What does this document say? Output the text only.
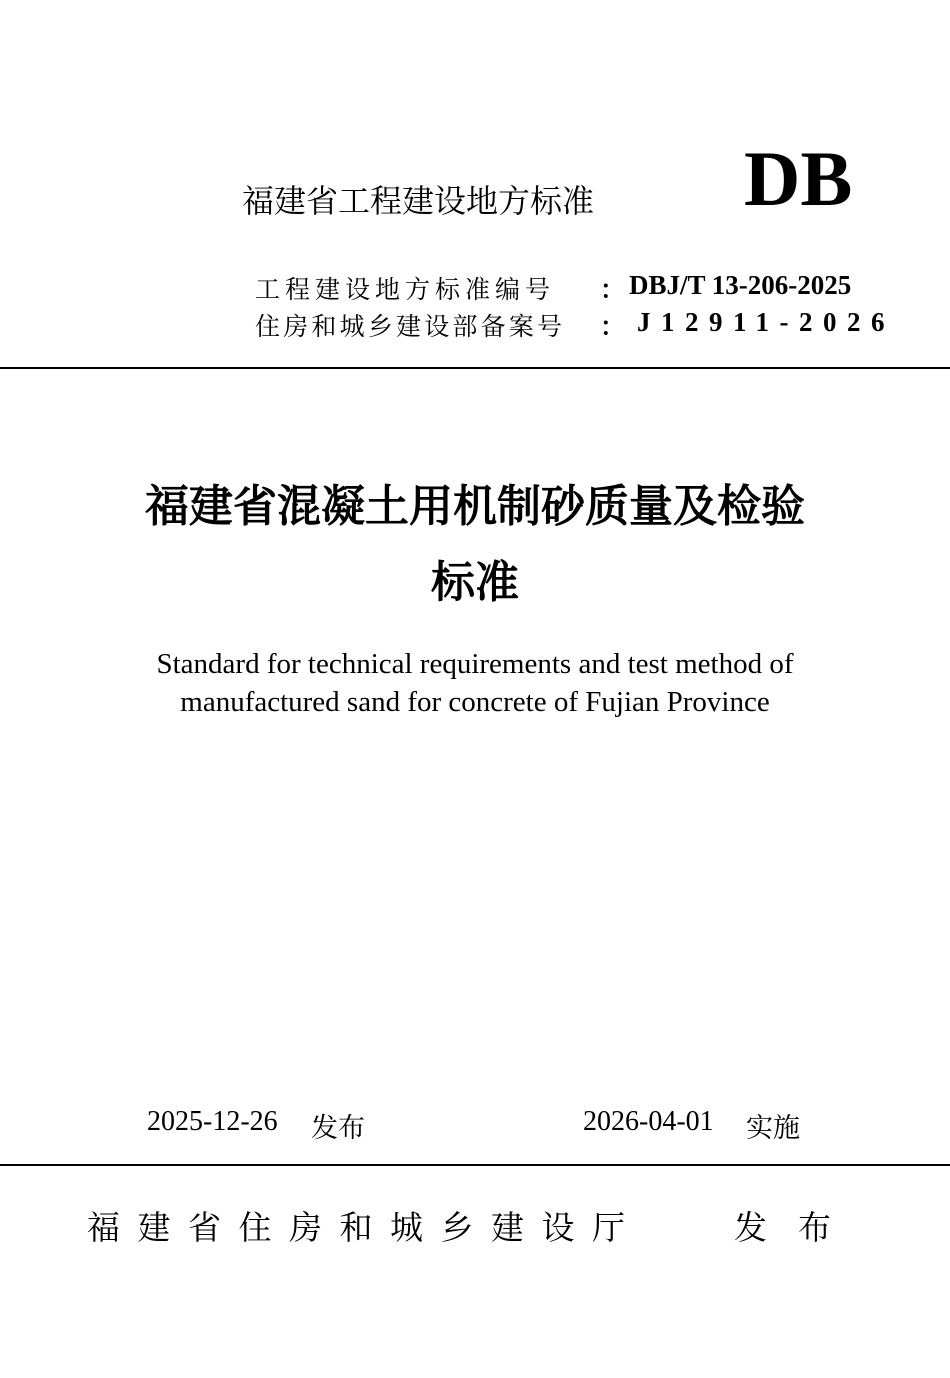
福建省工程建设地方标准 DB
工程建设地方标准编号 ： DBJ/T 13-206-2025
住房和城乡建设部备案号 ： J12911-2026
福建省混凝土用机制砂质量及检验
标准
Standard for technical requirements and test method of
manufactured sand for concrete of Fujian Province
2025-12-26 发布	2026-04-01 实施
福建省住房和城乡建设厅	发布
